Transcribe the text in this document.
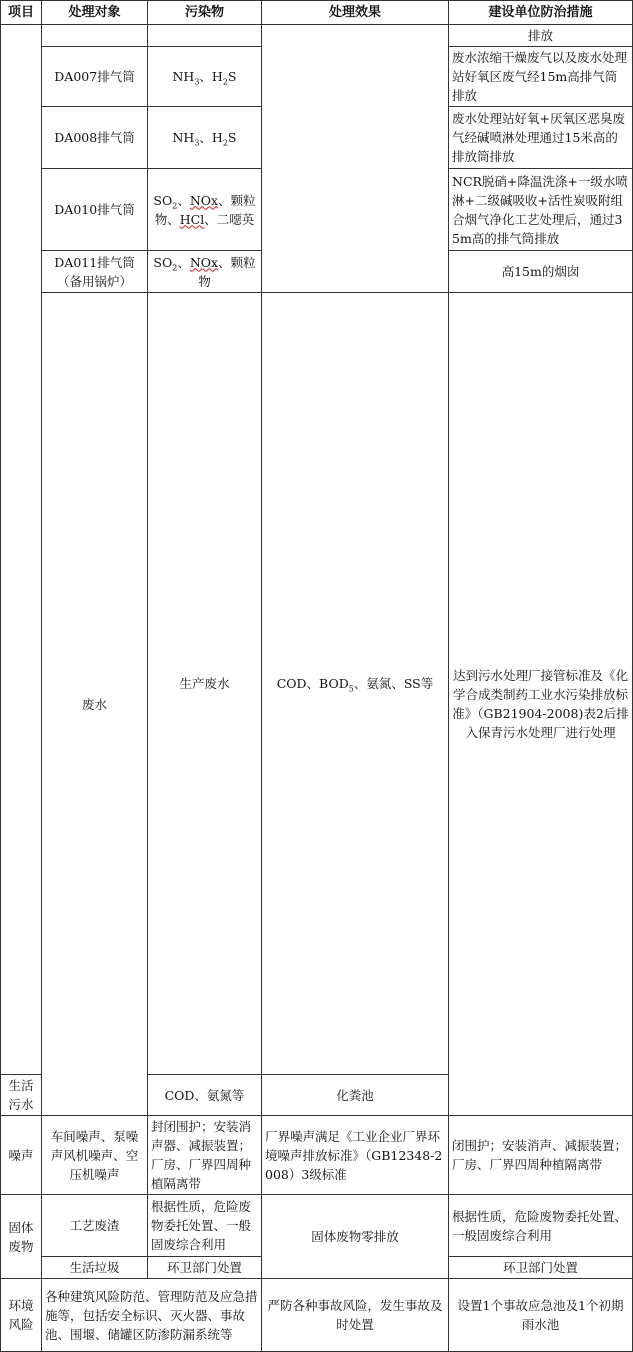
项目	处理对象	污染物	处理效果	建设单位防治措施	
				排放	
	DA007排气筒	$NH_3$、$H_2S$		废水浓缩干燥废气以及废水处理站好氧区废气经15m高排气筒排放	
	DA008排气筒	$NH_3$、$H_2S$		废水处理站好氧+厌氧区恶臭废气经碱喷淋处理通过15米高的排放筒排放	
	DA010排气筒	$SO_2$、NOx、颗粒物、HCl、二噁英		NCR脱硝+降温洗涤+一级水喷淋+二级碱吸收+活性炭吸附组合烟气净化工艺处理后，通过35m高的排气筒排放	
	DA011排气筒（备用锅炉）	$SO_2$、NOx、颗粒物		高15m的烟囱	
	废水	生产废水	COD、$BOD_5$、氨氮、SS等	达到污水处理厂接管标准及《化学合成类制药工业水污染排放标准》（GB21904-2008)表2后排入保青污水处理厂进行处理	
生活污水		COD、氨氮等	化粪池		
噪声	车间噪声、泵噪声风机噪声、空压机噪声	封闭围护；安装消声器、减振装置；厂房、厂界四周种植隔离带	厂界噪声满足《工业企业厂界环境噪声排放标准》（GB12348-2008）3级标准	闭围护；安装消声、减振装置；厂房、厂界四周种植隔离带	
固体废物	工艺废渣	根据性质，危险废物委托处置、一般固废综合利用	固体废物零排放	根据性质，危险废物委托处置、一般固废综合利用	
	生活垃圾	环卫部门处置		环卫部门处置	
环境风险	各种建筑风险防范、管理防范及应急措施等，包括安全标识、灭火器、事故池、围堰、储罐区防渗防漏系统等		严防各种事故风险，发生事故及时处置	设置1个事故应急池及1个初期雨水池	
